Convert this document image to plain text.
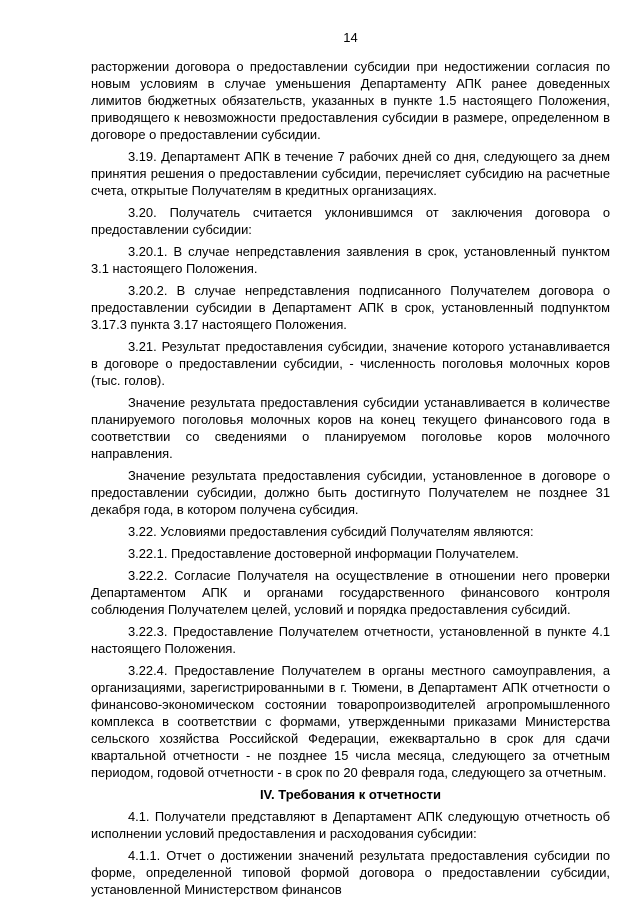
14
расторжении договора о предоставлении субсидии при недостижении согласия по новым условиям в случае уменьшения Департаменту АПК ранее доведенных лимитов бюджетных обязательств, указанных в пункте 1.5 настоящего Положения, приводящего к невозможности предоставления субсидии в размере, определенном в договоре о предоставлении субсидии.
3.19. Департамент АПК в течение 7 рабочих дней со дня, следующего за днем принятия решения о предоставлении субсидии, перечисляет субсидию на расчетные счета, открытые Получателям в кредитных организациях.
3.20. Получатель считается уклонившимся от заключения договора о предоставлении субсидии:
3.20.1. В случае непредставления заявления в срок, установленный пунктом 3.1 настоящего Положения.
3.20.2. В случае непредставления подписанного Получателем договора о предоставлении субсидии в Департамент АПК в срок, установленный подпунктом 3.17.3 пункта 3.17 настоящего Положения.
3.21. Результат предоставления субсидии, значение которого устанавливается в договоре о предоставлении субсидии, - численность поголовья молочных коров (тыс. голов).
Значение результата предоставления субсидии устанавливается в количестве планируемого поголовья молочных коров на конец текущего финансового года в соответствии со сведениями о планируемом поголовье коров молочного направления.
Значение результата предоставления субсидии, установленное в договоре о предоставлении субсидии, должно быть достигнуто Получателем не позднее 31 декабря года, в котором получена субсидия.
3.22. Условиями предоставления субсидий Получателям являются:
3.22.1. Предоставление достоверной информации Получателем.
3.22.2. Согласие Получателя на осуществление в отношении него проверки Департаментом АПК и органами государственного финансового контроля соблюдения Получателем целей, условий и порядка предоставления субсидий.
3.22.3. Предоставление Получателем отчетности, установленной в пункте 4.1 настоящего Положения.
3.22.4. Предоставление Получателем в органы местного самоуправления, а организациями, зарегистрированными в г. Тюмени, в Департамент АПК отчетности о финансово-экономическом состоянии товаропроизводителей агропромышленного комплекса в соответствии с формами, утвержденными приказами Министерства сельского хозяйства Российской Федерации, ежеквартально в срок для сдачи квартальной отчетности - не позднее 15 числа месяца, следующего за отчетным периодом, годовой отчетности - в срок по 20 февраля года, следующего за отчетным.
IV. Требования к отчетности
4.1. Получатели представляют в Департамент АПК следующую отчетность об исполнении условий предоставления и расходования субсидии:
4.1.1. Отчет о достижении значений результата предоставления субсидии по форме, определенной типовой формой договора о предоставлении субсидии, установленной Министерством финансов
